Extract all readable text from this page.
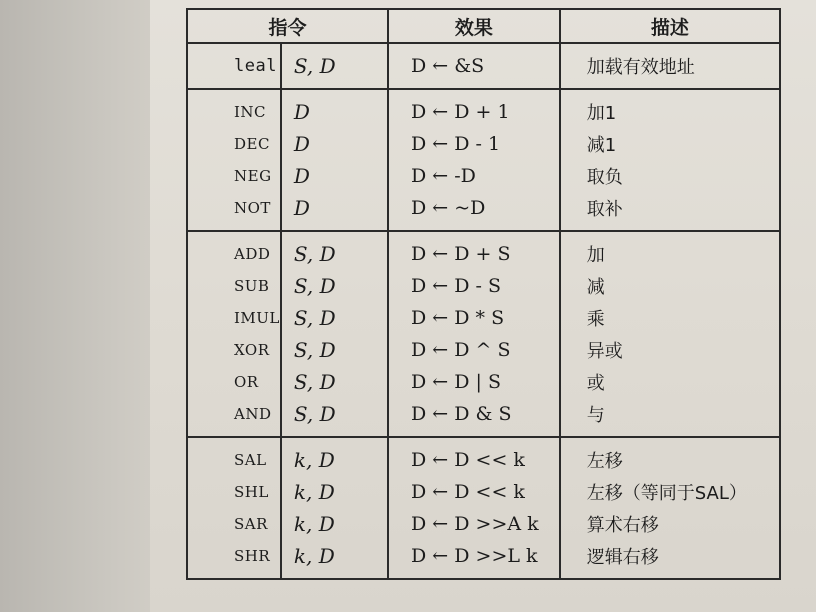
指令		效果	描述
leal	S, D	D ← &S	加载有效地址
INC	D	D ← D + 1	加1
DEC	D	D ← D - 1	减1
NEG	D	D ← -D	取负
NOT	D	D ← ~D	取补
ADD	S, D	D ← D + S	加
SUB	S, D	D ← D - S	减
IMUL	S, D	D ← D * S	乘
XOR	S, D	D ← D ^ S	异或
OR	S, D	D ← D | S	或
AND	S, D	D ← D & S	与
SAL	k, D	D ← D << k	左移
SHL	k, D	D ← D << k	左移（等同于SAL）
SAR	k, D	D ← D >>A k	算术右移
SHR	k, D	D ← D >>L k	逻辑右移
